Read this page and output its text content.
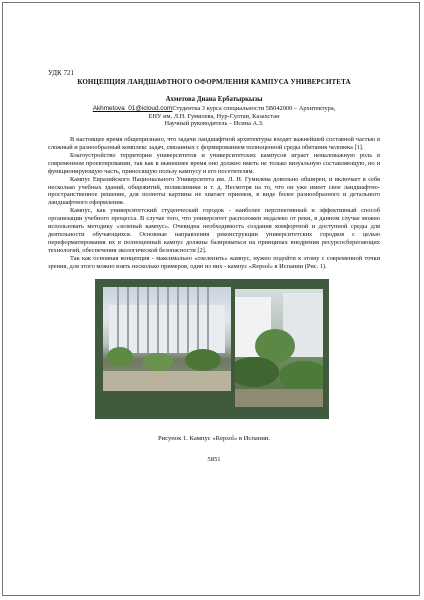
УДК 721
КОНЦЕПЦИЯ ЛАНДШАФТНОГО ОФОРМЛЕНИЯ КАМПУСА УНИВЕРСИТЕТА
Ахметова Диана Ербатыркызы
Akhmetova_01@icloud.comСтудентка 3 курса специальности 5В042000 – Архитектура,
ЕНУ им. Л.Н. Гумилева, Нур-Султан, Казахстан
Научный руководитель – Исина А.З.

В настоящее время общепризнано, что задачи ландшафтной архитектуры входят важнейшей составной частью в сложный и разнообразный комплекс задач, связанных с формированием полноценной среды обитания человека [1].

Благоустройство территории университетов и университетских кампусов играет немаловажную роль в современном проектировании, так как в нынешнее время оно должно иметь не только визуальную составляющую, но и функционирующую часть, приносящую пользу кампусу и его посетителям.

Кампус Евразийского Национального Университета им. Л. Н. Гумилева довольно обширен, и включает в себя несколько учебных зданий, общежитий, поликлиники и т. д. Несмотря на то, что он уже имеет свое ландшафтно-пространственное решение, для полноты картины не хватает приемов, в виде более разнообразного и детального ландшафтного оформления.

Кампус, как университетский студенческий городок - наиболее перспективный и эффективный способ организации учебного процесса. В случае того, что университет расположен недалеко от реки, в данном случае можно использовать методику «зеленый кампус». Очевидна необходимость создания комфортной и доступной среды для деятельности обучающихся. Основные направления реконструкции университетских городков с целью переформатирования их в полноценный кампус должны базироваться на принципах внедрения ресурсосберегающих технологий, обеспечения экологической безопасности [2].

Так как основная концепция - максимально «озеленить» кампус, нужно подойти к этому с современной точки зрения, для этого можно взять несколько примеров, один из них - кампус «Repsol» в Испании (Рис. 1).

Рисунок 1. Кампус «Repsol» в Испании.
5851
